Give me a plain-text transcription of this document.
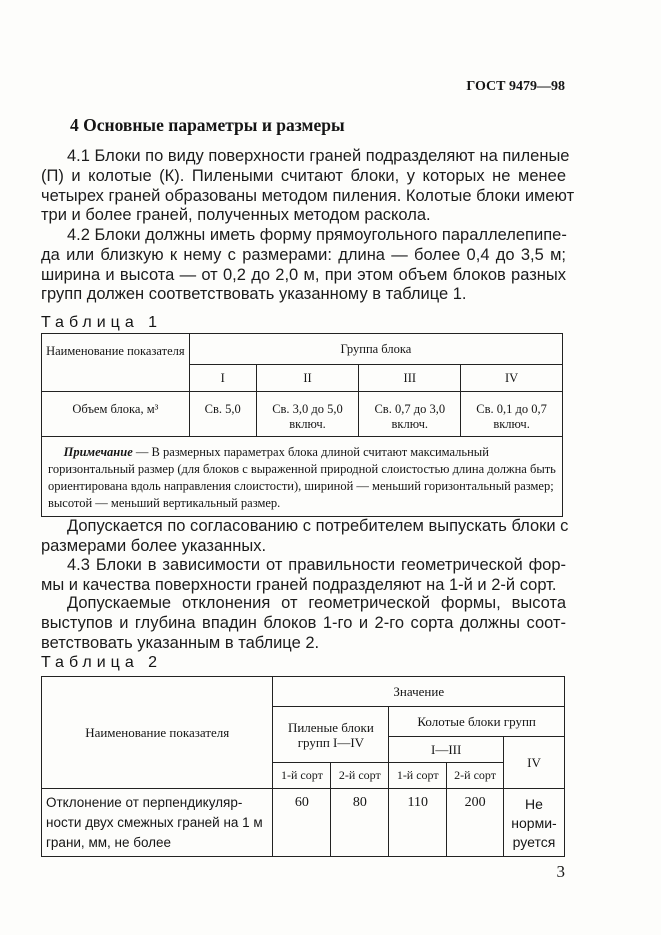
ГОСТ 9479—98
4 Основные параметры и размеры
4.1 Блоки по виду поверхности граней подразделяют на пиленые
(П) и колотые (К). Пилеными считают блоки, у которых не менее
четырех граней образованы методом пиления. Колотые блоки имеют
три и более граней, полученных методом раскола.
4.2 Блоки должны иметь форму прямоугольного параллелепипе-
да или близкую к нему с размерами: длина — более 0,4 до 3,5 м;
ширина и высота — от 0,2 до 2,0 м, при этом объем блоков разных
групп должен соответствовать указанному в таблице 1.
Таблица 1
Наименование показателя	Группа блока			
	I	II	III	IV
Объем блока, м³	Св. 5,0	Св. 3,0 до 5,0 включ.	Св. 0,7 до 3,0 включ.	Св. 0,1 до 0,7 включ.
Примечание — В размерных параметрах блока длиной считают максимальный горизонтальный размер (для блоков с выраженной природной слоистостью длина должна быть ориентирована вдоль направления слоистости), шириной — меньший горизонтальный размер; высотой — меньший вертикальный размер.				
Допускается по согласованию с потребителем выпускать блоки с
размерами более указанных.
4.3 Блоки в зависимости от правильности геометрической фор-
мы и качества поверхности граней подразделяют на 1-й и 2-й сорт.
Допускаемые отклонения от геометрической формы, высота
выступов и глубина впадин блоков 1-го и 2-го сорта должны соот-
ветствовать указанным в таблице 2.
Таблица 2
Наименование показателя	Значение				
	Пиленые блоки групп I—IV		Колотые блоки групп		
			I—III		IV
	1-й сорт	2-й сорт	1-й сорт	2-й сорт	
Отклонение от перпендикуляр-ности двух смежных граней на 1 м грани, мм, не более	60	80	110	200	Не норми-руется
3
